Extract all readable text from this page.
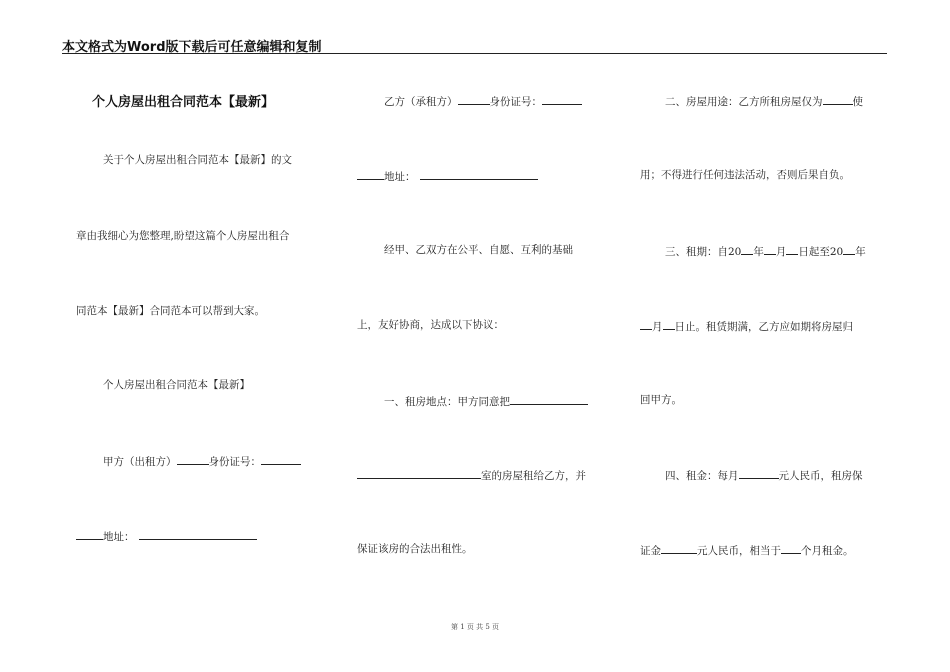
本文格式为Word版下载后可任意编辑和复制
个人房屋出租合同范本【最新】
关于个人房屋出租合同范本【最新】的文
章由我细心为您整理,盼望这篇个人房屋出租合
同范本【最新】合同范本可以帮到大家。
个人房屋出租合同范本【最新】
甲方（出租方）	身份证号：
地址：
乙方（承租方）	身份证号：
地址：
经甲、乙双方在公平、自愿、互利的基础
上，友好协商，达成以下协议：
一、租房地点：甲方同意把
室的房屋租给乙方，并
保证该房的合法出租性。
二、房屋用途：乙方所租房屋仅为	使
用；不得进行任何违法活动，否则后果自负。
三、租期：自20 年 月 日起至20 年
月 日止。租赁期满，乙方应如期将房屋归
回甲方。
四、租金：每月	元人民币，租房保
证金	元人民币，相当于 个月租金。
第 1 页 共 5 页
